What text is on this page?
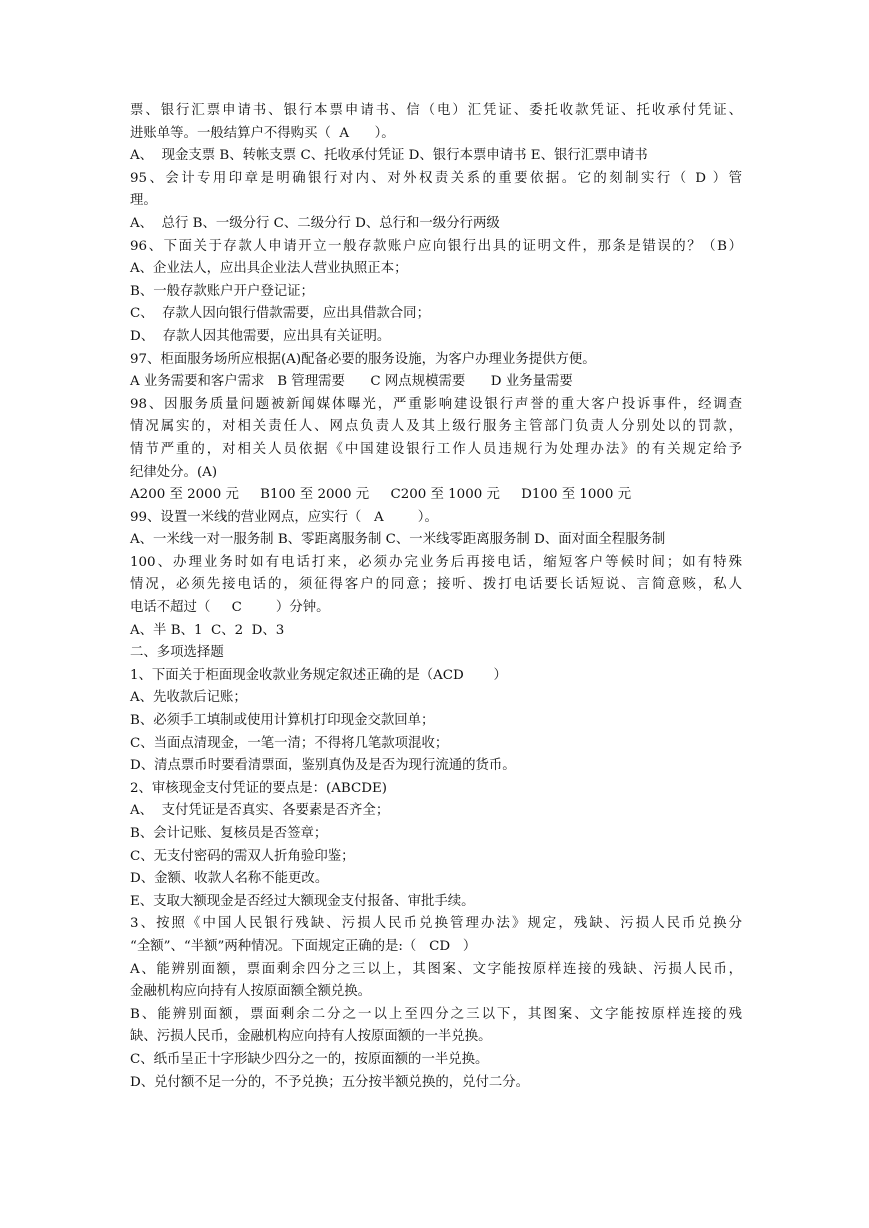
票、银行汇票申请书、银行本票申请书、信（电）汇凭证、委托收款凭证、托收承付凭证、
进账单等。一般结算户不得购买（  A      ）。
A、  现金支票 B、转帐支票 C、托收承付凭证 D、银行本票申请书 E、银行汇票申请书
95、会计专用印章是明确银行对内、对外权责关系的重要依据。它的刻制实行（ D ）管
理。
A、  总行 B、一级分行 C、二级分行 D、总行和一级分行两级
96、下面关于存款人申请开立一般存款账户应向银行出具的证明文件，那条是错误的？（B）
A、企业法人，应出具企业法人营业执照正本；
B、一般存款账户开户登记证；
C、  存款人因向银行借款需要，应出具借款合同；
D、  存款人因其他需要，应出具有关证明。
97、柜面服务场所应根据(A)配备必要的服务设施，为客户办理业务提供方便。
A 业务需要和客户需求   B 管理需要      C 网点规模需要      D 业务量需要
98、因服务质量问题被新闻媒体曝光，严重影响建设银行声誉的重大客户投诉事件，经调查
情况属实的，对相关责任人、网点负责人及其上级行服务主管部门负责人分别处以的罚款，
情节严重的，对相关人员依据《中国建设银行工作人员违规行为处理办法》的有关规定给予
纪律处分。(A)
A200 至 2000 元     B100 至 2000 元     C200 至 1000 元     D100 至 1000 元
99、设置一米线的营业网点，应实行（   A        ）。
A、一米线一对一服务制 B、零距离服务制 C、一米线零距离服务制 D、面对面全程服务制
100、办理业务时如有电话打来，必须办完业务后再接电话，缩短客户等候时间；如有特殊
情况，必须先接电话的，须征得客户的同意；接听、拨打电话要长话短说、言简意赅，私人
电话不超过（     C        ）分钟。
A、半 B、1  C、2  D、3
二、多项选择题
1、下面关于柜面现金收款业务规定叙述正确的是（ACD       ）
A、先收款后记账；
B、必须手工填制或使用计算机打印现金交款回单；
C、当面点清现金，一笔一清；不得将几笔款项混收；
D、清点票币时要看清票面，鉴别真伪及是否为现行流通的货币。
2、审核现金支付凭证的要点是：(ABCDE)
A、  支付凭证是否真实、各要素是否齐全；
B、会计记账、复核员是否签章；
C、无支付密码的需双人折角验印鉴；
D、金额、收款人名称不能更改。
E、支取大额现金是否经过大额现金支付报备、审批手续。
3、按照《中国人民银行残缺、污损人民币兑换管理办法》规定，残缺、污损人民币兑换分
“全额”、“半额”两种情况。下面规定正确的是:（   CD   ）
A、能辨别面额，票面剩余四分之三以上，其图案、文字能按原样连接的残缺、污损人民币，
金融机构应向持有人按原面额全额兑换。
B、能辨别面额，票面剩余二分之一以上至四分之三以下，其图案、文字能按原样连接的残
缺、污损人民币，金融机构应向持有人按原面额的一半兑换。
C、纸币呈正十字形缺少四分之一的，按原面额的一半兑换。
D、兑付额不足一分的，不予兑换；五分按半额兑换的，兑付二分。
